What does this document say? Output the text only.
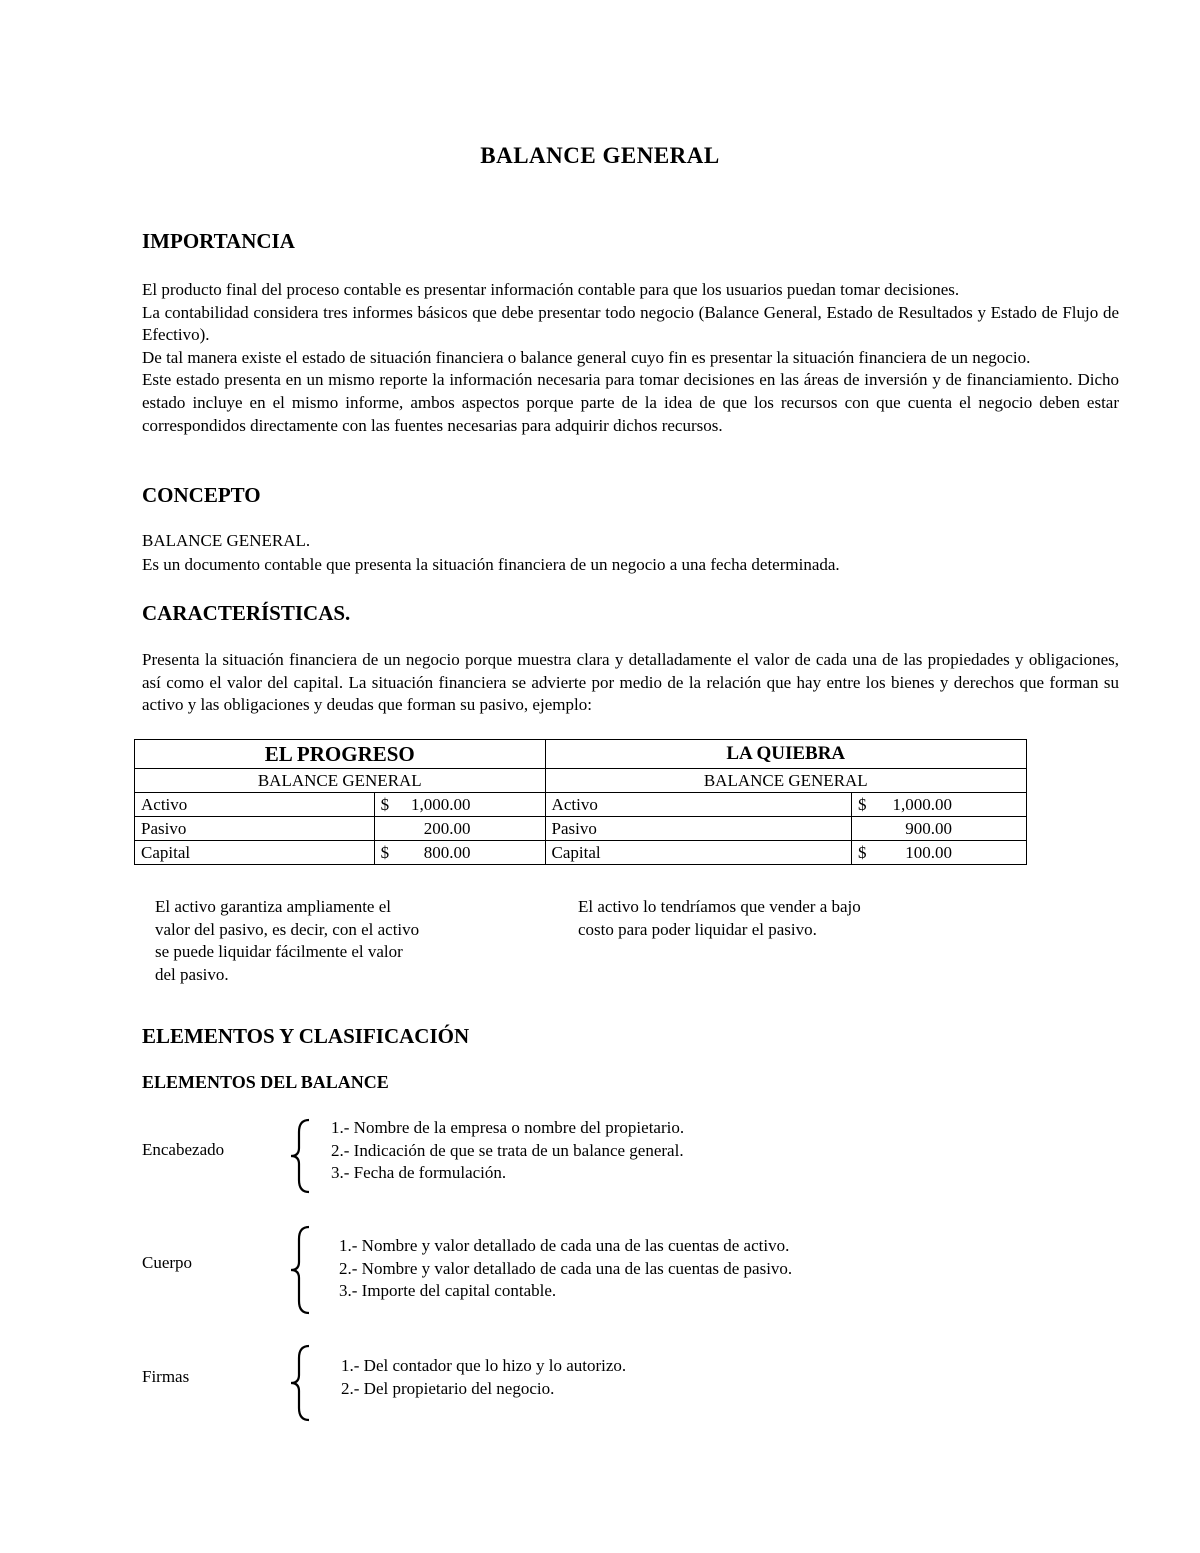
BALANCE GENERAL
IMPORTANCIA

El producto final del proceso contable es presentar información contable para que los usuarios puedan tomar decisiones.

La contabilidad considera tres informes básicos que debe presentar todo negocio (Balance General, Estado de Resultados y Estado de Flujo de Efectivo).

De tal manera existe el estado de situación financiera o balance general cuyo fin es presentar la situación financiera de un negocio.

Este estado presenta en un mismo reporte la información necesaria para tomar decisiones en las áreas de inversión y de financiamiento. Dicho estado incluye en el mismo informe, ambos aspectos porque parte de la idea de que los recursos con que cuenta el negocio deben estar correspondidos directamente con las fuentes necesarias para adquirir dichos recursos.

CONCEPTO
BALANCE GENERAL.
Es un documento contable que presenta la situación financiera de un negocio a una fecha determinada.
CARACTERÍSTICAS.
Presenta la situación financiera de un negocio porque muestra clara y detalladamente el valor de cada una de las propiedades y obligaciones, así como el valor del capital. La situación financiera se advierte por medio de la relación que hay entre los bienes y derechos que forman su activo y las obligaciones y deudas que forman su pasivo, ejemplo:
EL PROGRESO		LA QUIEBRA	
BALANCE GENERAL		BALANCE GENERAL	
Activo	$ 1,000.00	Activo	$ 1,000.00
Pasivo	200.00	Pasivo	900.00
Capital	$ 800.00	Capital	$ 100.00
El activo garantiza ampliamente el
valor del pasivo, es decir, con el activo
se puede liquidar fácilmente el valor
del pasivo.
El activo lo tendríamos que vender a bajo
costo para poder liquidar el pasivo.
ELEMENTOS Y CLASIFICACIÓN
ELEMENTOS DEL BALANCE
Encabezado
1.- Nombre de la empresa o nombre del propietario.
2.- Indicación de que se trata de un balance general.
3.- Fecha de formulación.
Cuerpo
1.- Nombre y valor detallado de cada una de las cuentas de activo.
2.- Nombre y valor detallado de cada una de las cuentas de pasivo.
3.- Importe del capital contable.
Firmas
1.- Del contador que lo hizo y lo autorizo.
2.- Del propietario del negocio.
